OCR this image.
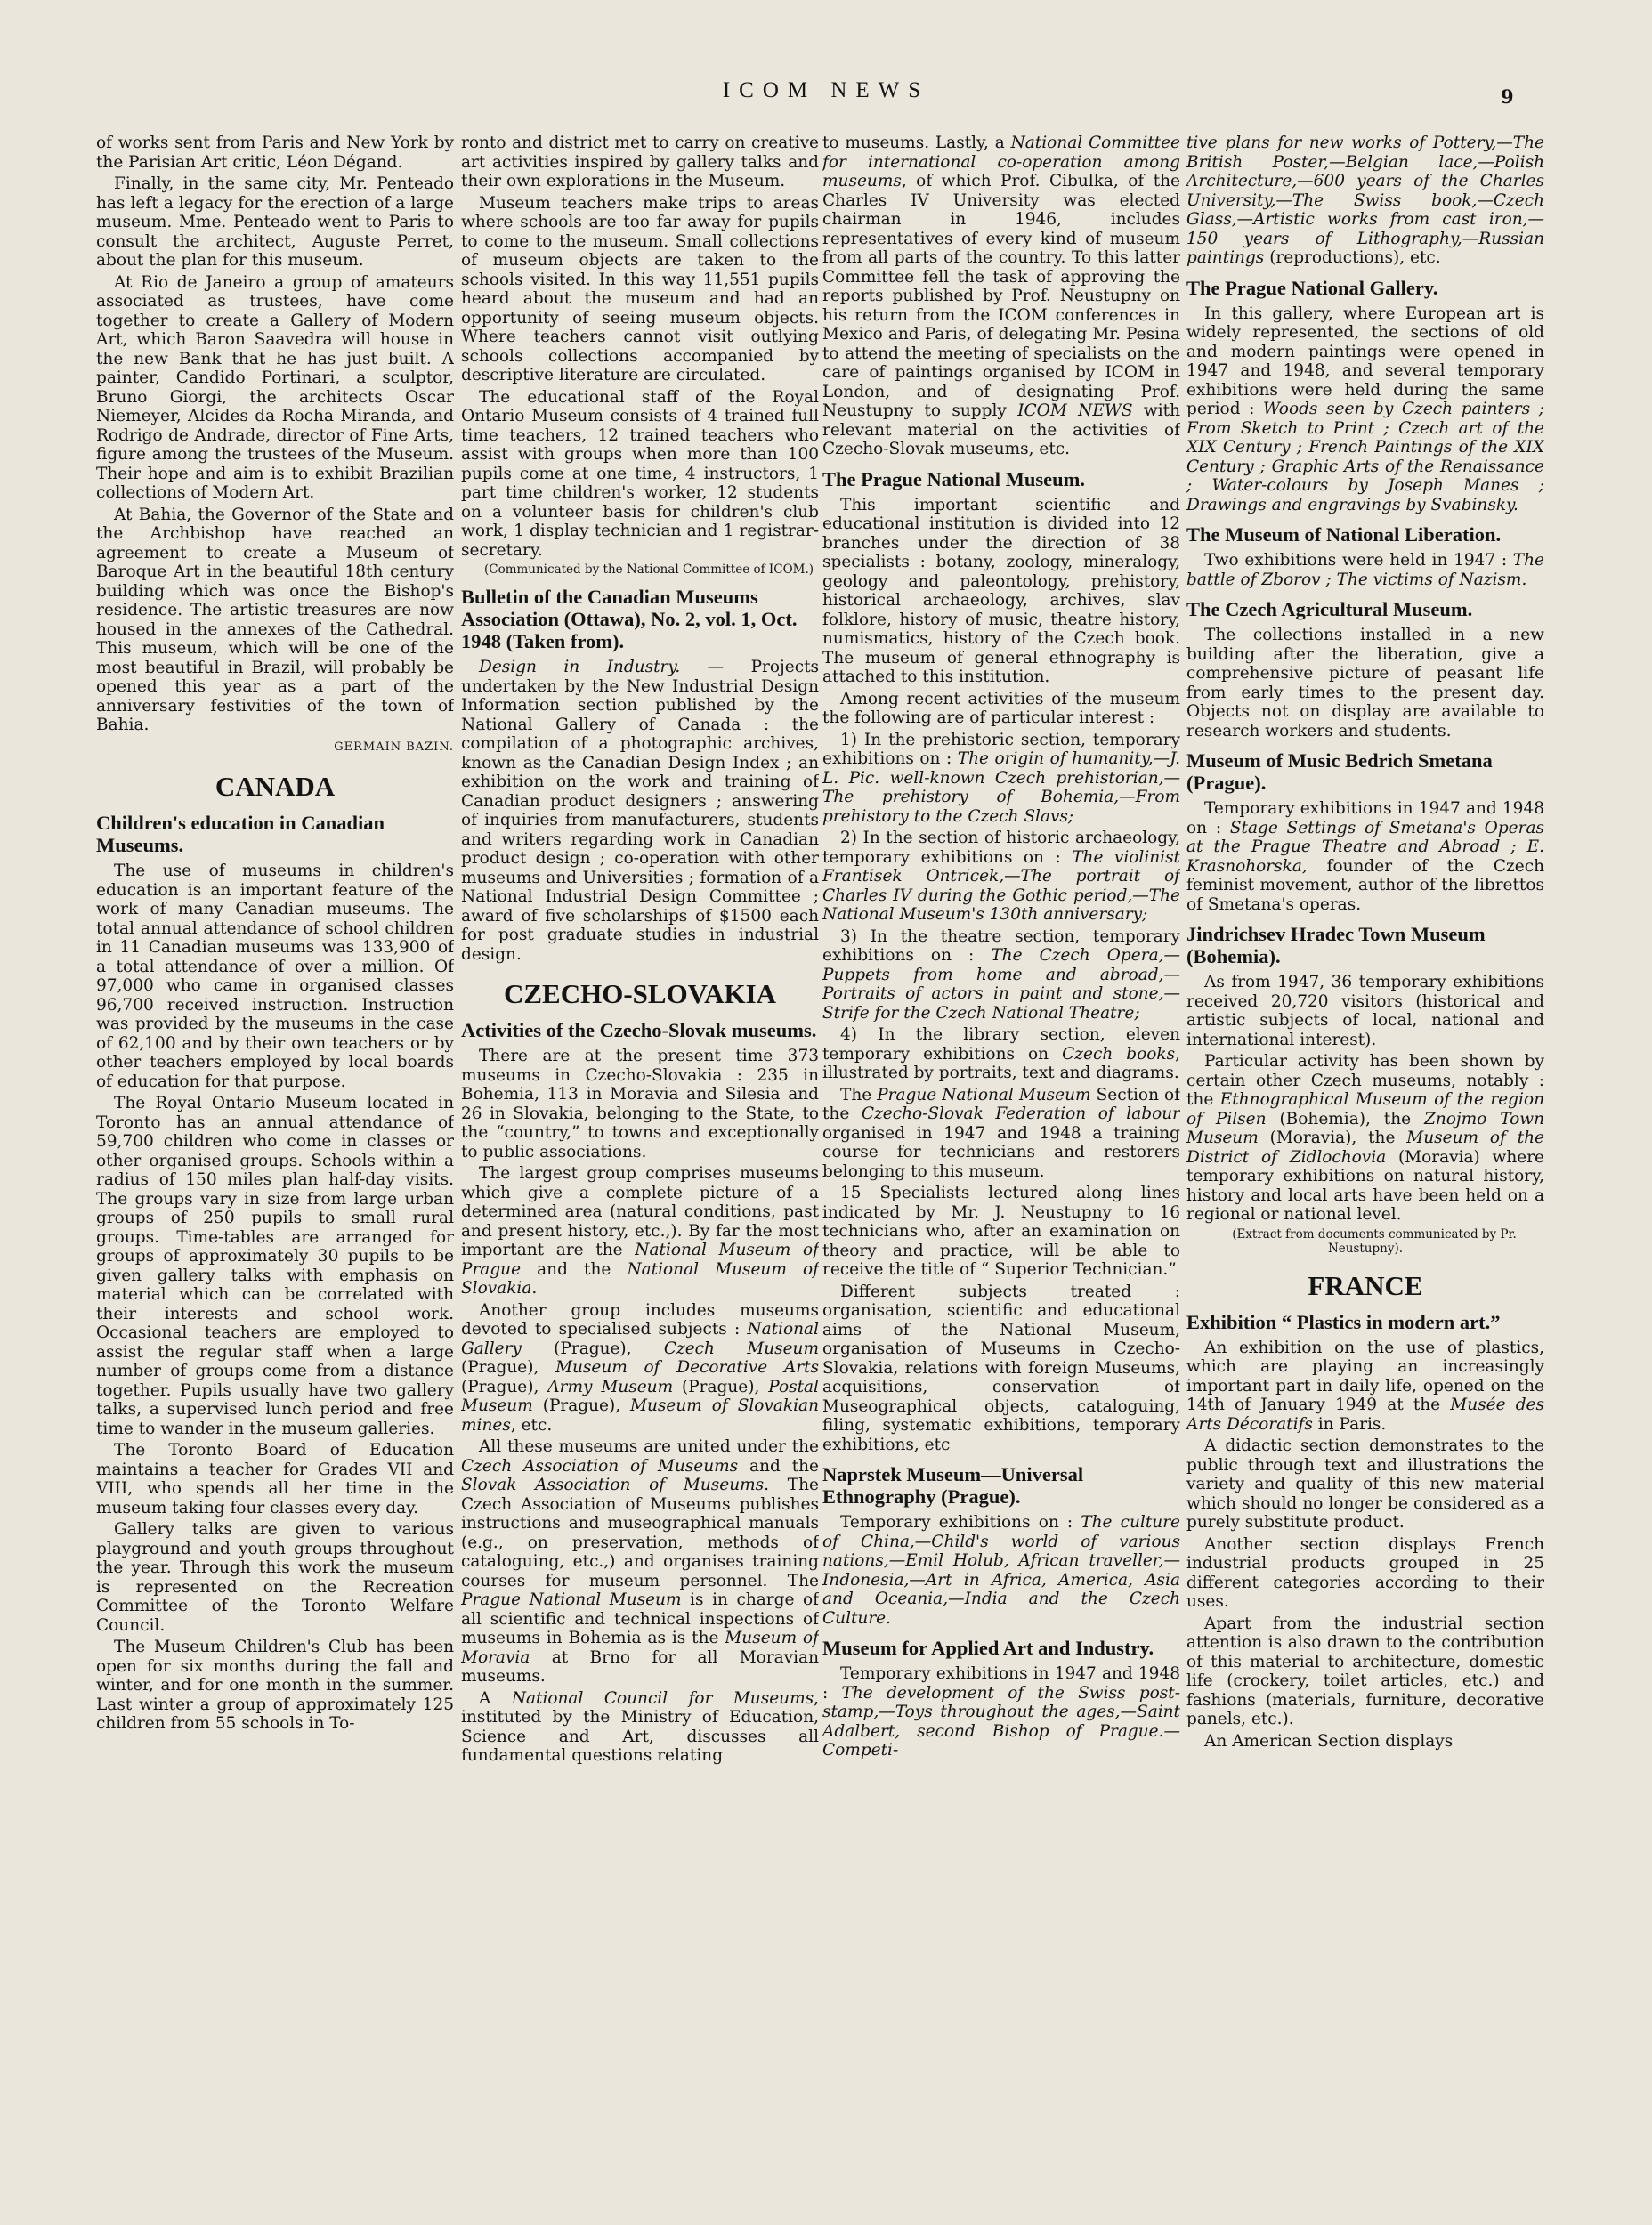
ICOM NEWS	9

of works sent from Paris and New York by the Parisian Art critic, Léon Dégand.

Finally, in the same city, Mr. Penteado has left a legacy for the erection of a large museum. Mme. Penteado went to Paris to consult the architect, Auguste Perret, about the plan for this museum.

At Rio de Janeiro a group of amateurs associated as trustees, have come together to create a Gallery of Modern Art, which Baron Saavedra will house in the new Bank that he has just built. A painter, Candido Portinari, a sculptor, Bruno Giorgi, the architects Oscar Niemeyer, Alcides da Rocha Miranda, and Rodrigo de Andrade, director of Fine Arts, figure among the trustees of the Museum. Their hope and aim is to exhibit Brazilian collections of Modern Art.

At Bahia, the Governor of the State and the Archbishop have reached an agreement to create a Museum of Baroque Art in the beautiful 18th century building which was once the Bishop's residence. The artistic treasures are now housed in the annexes of the Cathedral. This museum, which will be one of the most beautiful in Brazil, will probably be opened this year as a part of the anniversary festivities of the town of Bahia.

GERMAIN BAZIN.

CANADA
Children's education in Canadian Museums.

The use of museums in children's education is an important feature of the work of many Canadian museums. The total annual attendance of school children in 11 Canadian museums was 133,900 of a total attendance of over a million. Of 97,000 who came in organised classes 96,700 received instruction. Instruction was provided by the museums in the case of 62,100 and by their own teachers or by other teachers employed by local boards of education for that purpose.

The Royal Ontario Museum located in Toronto has an annual attendance of 59,700 children who come in classes or other organised groups. Schools within a radius of 150 miles plan half-day visits. The groups vary in size from large urban groups of 250 pupils to small rural groups. Time-tables are arranged for groups of approximately 30 pupils to be given gallery talks with emphasis on material which can be correlated with their interests and school work. Occasional teachers are employed to assist the regular staff when a large number of groups come from a distance together. Pupils usually have two gallery talks, a supervised lunch period and free time to wander in the museum galleries.

The Toronto Board of Education maintains a teacher for Grades VII and VIII, who spends all her time in the museum taking four classes every day.

Gallery talks are given to various playground and youth groups throughout the year. Through this work the museum is represented on the Recreation Committee of the Toronto Welfare Council.

The Museum Children's Club has been open for six months during the fall and winter, and for one month in the summer. Last winter a group of approximately 125 children from 55 schools in To-

ronto and district met to carry on creative art activities inspired by gallery talks and their own explorations in the Museum.

Museum teachers make trips to areas where schools are too far away for pupils to come to the museum. Small collections of museum objects are taken to the schools visited. In this way 11,551 pupils heard about the museum and had an opportunity of seeing museum objects. Where teachers cannot visit outlying schools collections accompanied by descriptive literature are circulated.

The educational staff of the Royal Ontario Museum consists of 4 trained full time teachers, 12 trained teachers who assist with groups when more than 100 pupils come at one time, 4 instructors, 1 part time children's worker, 12 students on a volunteer basis for children's club work, 1 display technician and 1 registrar-secretary.

(Communicated by the National Committee of ICOM.)

Bulletin of the Canadian Museums Association (Ottawa), No. 2, vol. 1, Oct. 1948 (Taken from).

Design in Industry. — Projects undertaken by the New Industrial Design Information section published by the National Gallery of Canada : the compilation of a photographic archives, known as the Canadian Design Index ; an exhibition on the work and training of Canadian product designers ; answering of inquiries from manufacturers, students and writers regarding work in Canadian product design ; co-operation with other museums and Universities ; formation of a National Industrial Design Committee ; award of five scholarships of $1500 each for post graduate studies in industrial design.

CZECHO-SLOVAKIA
Activities of the Czecho-Slovak museums.

There are at the present time 373 museums in Czecho-Slovakia : 235 in Bohemia, 113 in Moravia and Silesia and 26 in Slovakia, belonging to the State, to the “country,” to towns and exceptionally to public associations.

The largest group comprises museums which give a complete picture of a determined area (natural conditions, past and present history, etc.,). By far the most important are the National Museum of Prague and the National Museum of Slovakia.

Another group includes museums devoted to specialised subjects : National Gallery (Prague), Czech Museum (Prague), Museum of Decorative Arts (Prague), Army Museum (Prague), Postal Museum (Prague), Museum of Slovakian mines, etc.

All these museums are united under the Czech Association of Museums and the Slovak Association of Museums. The Czech Association of Museums publishes instructions and museographical manuals (e.g., on preservation, methods of cataloguing, etc.,) and organises training courses for museum personnel. The Prague National Museum is in charge of all scientific and technical inspections of museums in Bohemia as is the Museum of Moravia at Brno for all Moravian museums.

A National Council for Museums, instituted by the Ministry of Education, Science and Art, discusses all fundamental questions relating

to museums. Lastly, a National Committee for international co-operation among museums, of which Prof. Cibulka, of the Charles IV University was elected chairman in 1946, includes representatives of every kind of museum from all parts of the country. To this latter Committee fell the task of approving the reports published by Prof. Neustupny on his return from the ICOM conferences in Mexico and Paris, of delegating Mr. Pesina to attend the meeting of specialists on the care of paintings organised by ICOM in London, and of designating Prof. Neustupny to supply ICOM NEWS with relevant material on the activities of Czecho-Slovak museums, etc.

The Prague National Museum.

This important scientific and educational institution is divided into 12 branches under the direction of 38 specialists : botany, zoology, mineralogy, geology and paleontology, prehistory, historical archaeology, archives, slav folklore, history of music, theatre history, numismatics, history of the Czech book. The museum of general ethnography is attached to this institution.

Among recent activities of the museum the following are of particular interest :

1) In the prehistoric section, temporary exhibitions on : The origin of humanity,—J. L. Pic. well-known Czech prehistorian,—The prehistory of Bohemia,—From prehistory to the Czech Slavs;

2) In the section of historic archaeology, temporary exhibitions on : The violinist Frantisek Ontricek,—The portrait of Charles IV during the Gothic period,—The National Museum's 130th anniversary;

3) In the theatre section, temporary exhibitions on : The Czech Opera,—Puppets from home and abroad,—Portraits of actors in paint and stone,—Strife for the Czech National Theatre;

4) In the library section, eleven temporary exhibitions on Czech books, illustrated by portraits, text and diagrams.

The Prague National Museum Section of the Czecho-Slovak Federation of labour organised in 1947 and 1948 a training course for technicians and restorers belonging to this museum.

15 Specialists lectured along lines indicated by Mr. J. Neustupny to 16 technicians who, after an examination on theory and practice, will be able to receive the title of “ Superior Technician.”

Different subjects treated : organisation, scientific and educational aims of the National Museum, organisation of Museums in Czecho-Slovakia, relations with foreign Museums, acquisitions, conservation of Museographical objects, cataloguing, filing, systematic exhibitions, temporary exhibitions, etc

Naprstek Museum—Universal Ethnography (Prague).

Temporary exhibitions on : The culture of China,—Child's world of various nations,—Emil Holub, African traveller,—Indonesia,—Art in Africa, America, Asia and Oceania,—India and the Czech Culture.

Museum for Applied Art and Industry.

Temporary exhibitions in 1947 and 1948 : The development of the Swiss post-stamp,—Toys throughout the ages,—Saint Adalbert, second Bishop of Prague.—Competi-

tive plans for new works of Pottery,—The British Poster,—Belgian lace,—Polish Architecture,—600 years of the Charles University,—The Swiss book,—Czech Glass,—Artistic works from cast iron,—150 years of Lithography,—Russian paintings (reproductions), etc.

The Prague National Gallery.

In this gallery, where European art is widely represented, the sections of old and modern paintings were opened in 1947 and 1948, and several temporary exhibitions were held during the same period : Woods seen by Czech painters ; From Sketch to Print ; Czech art of the XIX Century ; French Paintings of the XIX Century ; Graphic Arts of the Renaissance ; Water-colours by Joseph Manes ; Drawings and engravings by Svabinsky.

The Museum of National Liberation.

Two exhibitions were held in 1947 : The battle of Zborov ; The victims of Nazism.

The Czech Agricultural Museum.

The collections installed in a new building after the liberation, give a comprehensive picture of peasant life from early times to the present day. Objects not on display are available to research workers and students.

Museum of Music Bedrich Smetana (Prague).

Temporary exhibitions in 1947 and 1948 on : Stage Settings of Smetana's Operas at the Prague Theatre and Abroad ; E. Krasnohorska, founder of the Czech feminist movement, author of the librettos of Smetana's operas.

Jindrichsev Hradec Town Museum (Bohemia).

As from 1947, 36 temporary exhibitions received 20,720 visitors (historical and artistic subjects of local, national and international interest).

Particular activity has been shown by certain other Czech museums, notably : the Ethnographical Museum of the region of Pilsen (Bohemia), the Znojmo Town Museum (Moravia), the Museum of the District of Zidlochovia (Moravia) where temporary exhibitions on natural history, history and local arts have been held on a regional or national level.

(Extract from documents communicated by Pr. Neustupny).

FRANCE
Exhibition “ Plastics in modern art.”

An exhibition on the use of plastics, which are playing an increasingly important part in daily life, opened on the 14th of January 1949 at the Musée des Arts Décoratifs in Paris.

A didactic section demonstrates to the public through text and illustrations the variety and quality of this new material which should no longer be considered as a purely substitute product.

Another section displays French industrial products grouped in 25 different categories according to their uses.

Apart from the industrial section attention is also drawn to the contribution of this material to architecture, domestic life (crockery, toilet articles, etc.) and fashions (materials, furniture, decorative panels, etc.).

An American Section displays
